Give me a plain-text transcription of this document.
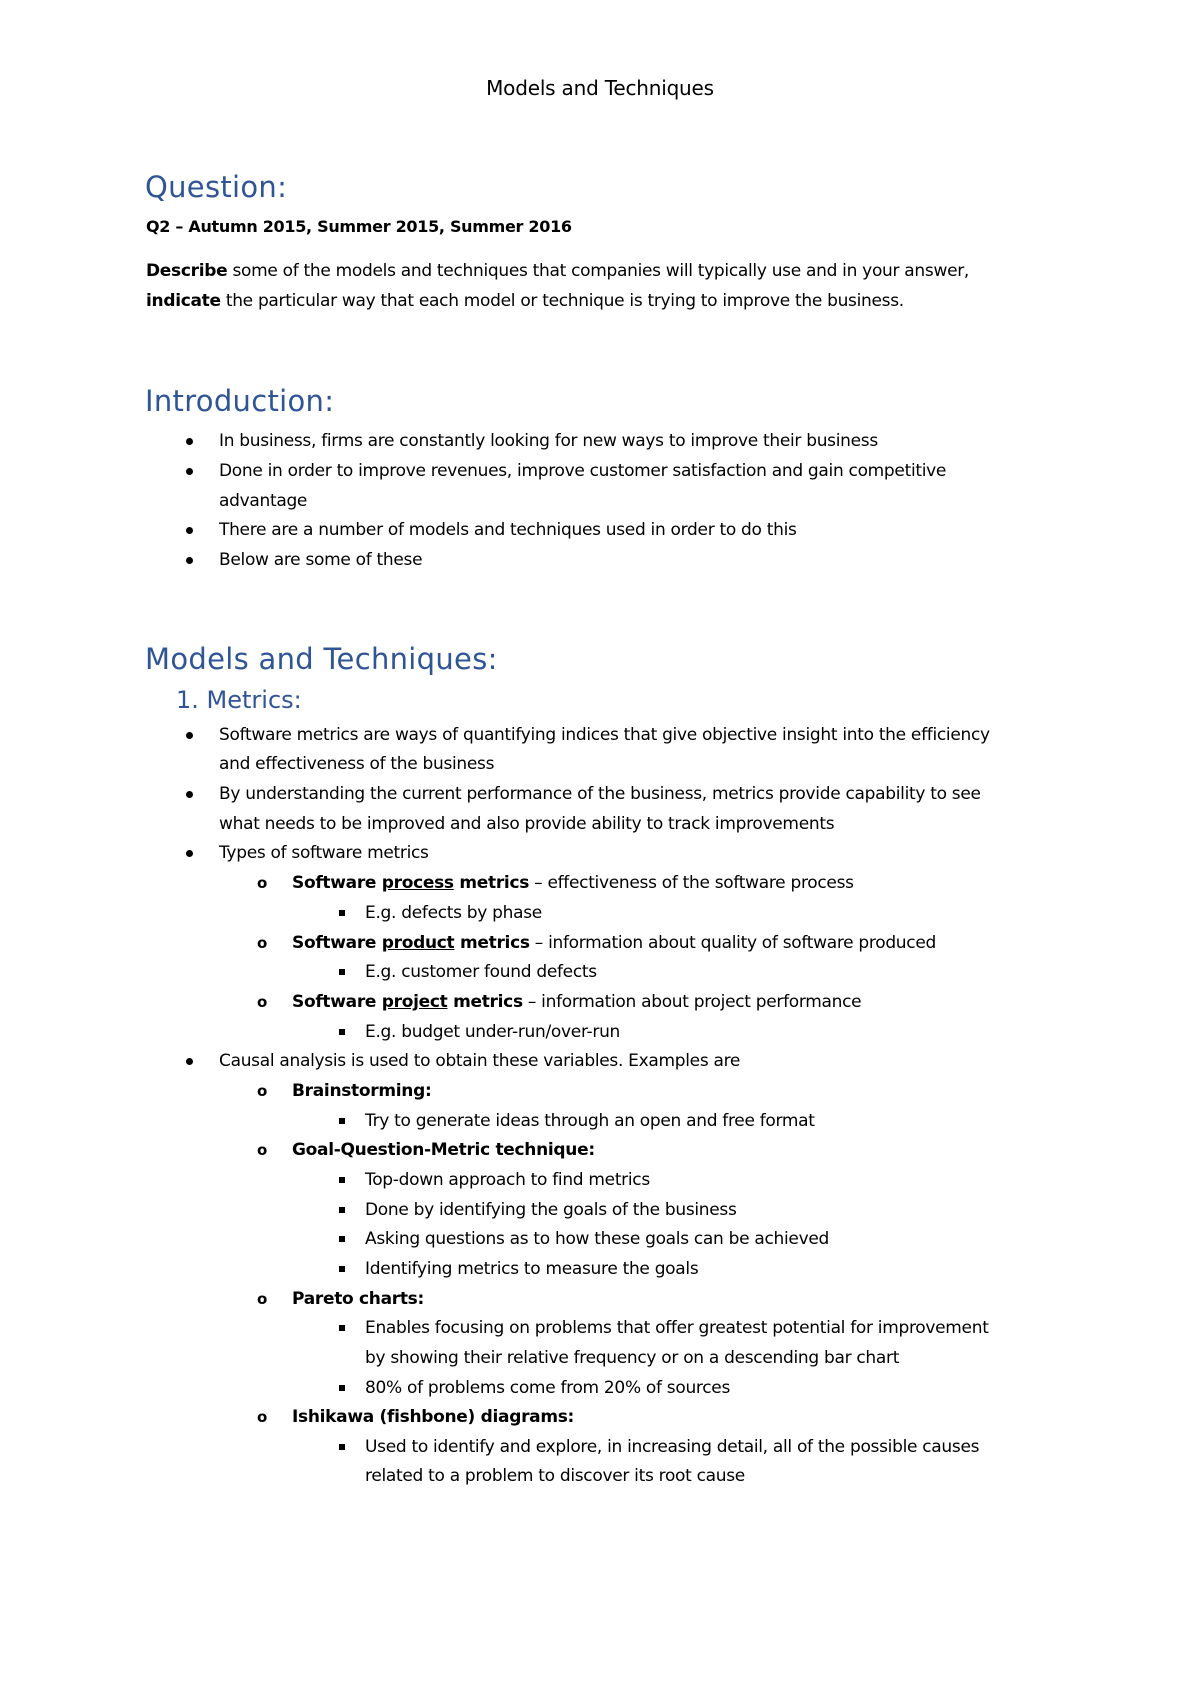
Models and Techniques
Question:
Q2 – Autumn 2015, Summer 2015, Summer 2016
Describe some of the models and techniques that companies will typically use and in your answer,
indicate the particular way that each model or technique is trying to improve the business.
Introduction:
In business, firms are constantly looking for new ways to improve their business
Done in order to improve revenues, improve customer satisfaction and gain competitive
advantage
There are a number of models and techniques used in order to do this
Below are some of these
Models and Techniques:
1. Metrics:
Software metrics are ways of quantifying indices that give objective insight into the efficiency
and effectiveness of the business
By understanding the current performance of the business, metrics provide capability to see
what needs to be improved and also provide ability to track improvements
Types of software metrics
o Software process metrics – effectiveness of the software process
E.g. defects by phase
o Software product metrics – information about quality of software produced
E.g. customer found defects
o Software project metrics – information about project performance
E.g. budget under-run/over-run
Causal analysis is used to obtain these variables. Examples are
o Brainstorming:
Try to generate ideas through an open and free format
o Goal-Question-Metric technique:
Top-down approach to find metrics
Done by identifying the goals of the business
Asking questions as to how these goals can be achieved
Identifying metrics to measure the goals
o Pareto charts:
Enables focusing on problems that offer greatest potential for improvement
by showing their relative frequency or on a descending bar chart
80% of problems come from 20% of sources
o Ishikawa (fishbone) diagrams:
Used to identify and explore, in increasing detail, all of the possible causes
related to a problem to discover its root cause
